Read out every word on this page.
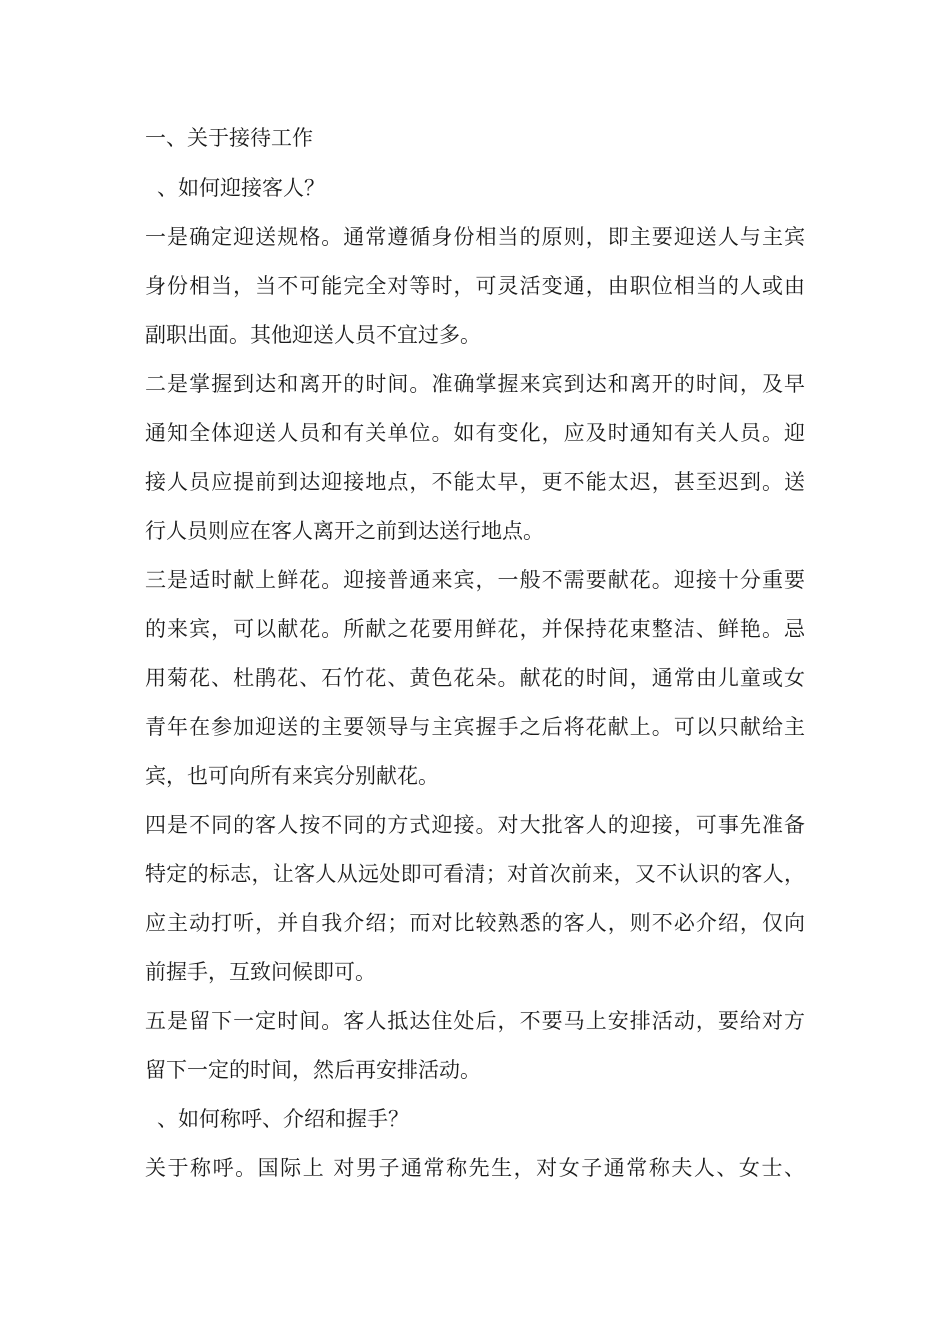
一、关于接待工作
、如何迎接客人？
一是确定迎送规格。通常遵循身份相当的原则，即主要迎送人与主宾
身份相当，当不可能完全对等时，可灵活变通，由职位相当的人或由
副职出面。其他迎送人员不宜过多。
二是掌握到达和离开的时间。准确掌握来宾到达和离开的时间，及早
通知全体迎送人员和有关单位。如有变化，应及时通知有关人员。迎
接人员应提前到达迎接地点，不能太早，更不能太迟，甚至迟到。送
行人员则应在客人离开之前到达送行地点。
三是适时献上鲜花。迎接普通来宾，一般不需要献花。迎接十分重要
的来宾，可以献花。所献之花要用鲜花，并保持花束整洁、鲜艳。忌
用菊花、杜鹃花、石竹花、黄色花朵。献花的时间，通常由儿童或女
青年在参加迎送的主要领导与主宾握手之后将花献上。可以只献给主
宾，也可向所有来宾分别献花。
四是不同的客人按不同的方式迎接。对大批客人的迎接，可事先准备
特定的标志，让客人从远处即可看清；对首次前来，又不认识的客人，
应主动打听，并自我介绍；而对比较熟悉的客人，则不必介绍，仅向
前握手，互致问候即可。
五是留下一定时间。客人抵达住处后，不要马上安排活动，要给对方
留下一定的时间，然后再安排活动。
、如何称呼、介绍和握手？
关于称呼。国际上 对男子通常称先生，对女子通常称夫人、女士、
